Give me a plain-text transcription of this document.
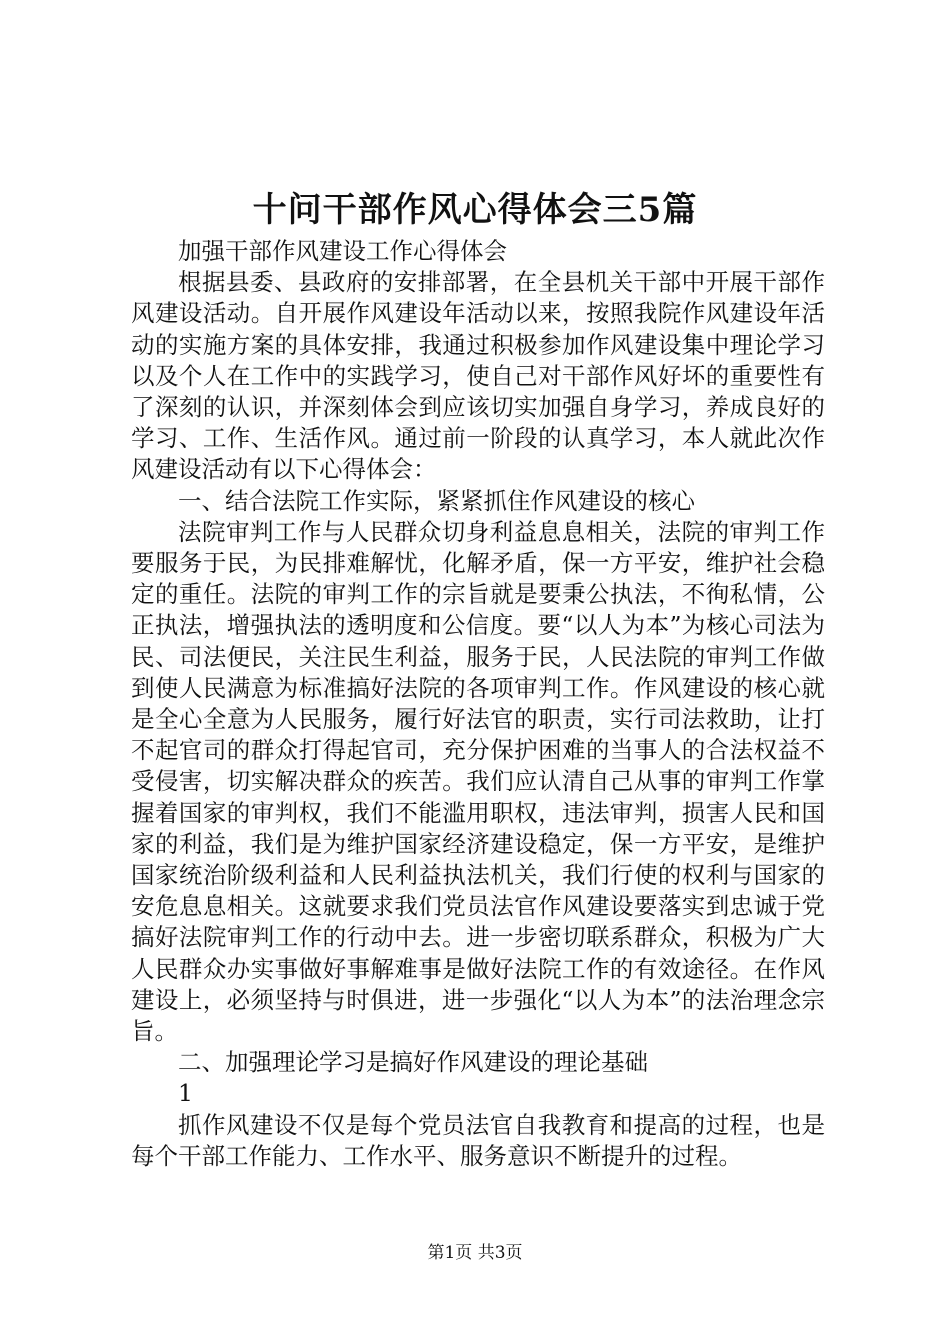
十问干部作风心得体会三5篇

加强干部作风建设工作心得体会

根据县委、县政府的安排部署，在全县机关干部中开展干部作风建设活动。自开展作风建设年活动以来，按照我院作风建设年活动的实施方案的具体安排，我通过积极参加作风建设集中理论学习以及个人在工作中的实践学习，使自己对干部作风好坏的重要性有了深刻的认识，并深刻体会到应该切实加强自身学习，养成良好的学习、工作、生活作风。通过前一阶段的认真学习，本人就此次作风建设活动有以下心得体会：

一、结合法院工作实际，紧紧抓住作风建设的核心

法院审判工作与人民群众切身利益息息相关，法院的审判工作要服务于民，为民排难解忧，化解矛盾，保一方平安，维护社会稳定的重任。法院的审判工作的宗旨就是要秉公执法，不徇私情，公正执法，增强执法的透明度和公信度。要“以人为本”为核心司法为民、司法便民，关注民生利益，服务于民，人民法院的审判工作做到使人民满意为标准搞好法院的各项审判工作。作风建设的核心就是全心全意为人民服务，履行好法官的职责，实行司法救助，让打不起官司的群众打得起官司，充分保护困难的当事人的合法权益不受侵害，切实解决群众的疾苦。我们应认清自己从事的审判工作掌握着国家的审判权，我们不能滥用职权，违法审判，损害人民和国家的利益，我们是为维护国家经济建设稳定，保一方平安，是维护国家统治阶级利益和人民利益执法机关，我们行使的权利与国家的安危息息相关。这就要求我们党员法官作风建设要落实到忠诚于党搞好法院审判工作的行动中去。进一步密切联系群众，积极为广大人民群众办实事做好事解难事是做好法院工作的有效途径。在作风建设上，必须坚持与时俱进，进一步强化“以人为本”的法治理念宗旨。

二、加强理论学习是搞好作风建设的理论基础

1

抓作风建设不仅是每个党员法官自我教育和提高的过程，也是每个干部工作能力、工作水平、服务意识不断提升的过程。

第1页 共3页
